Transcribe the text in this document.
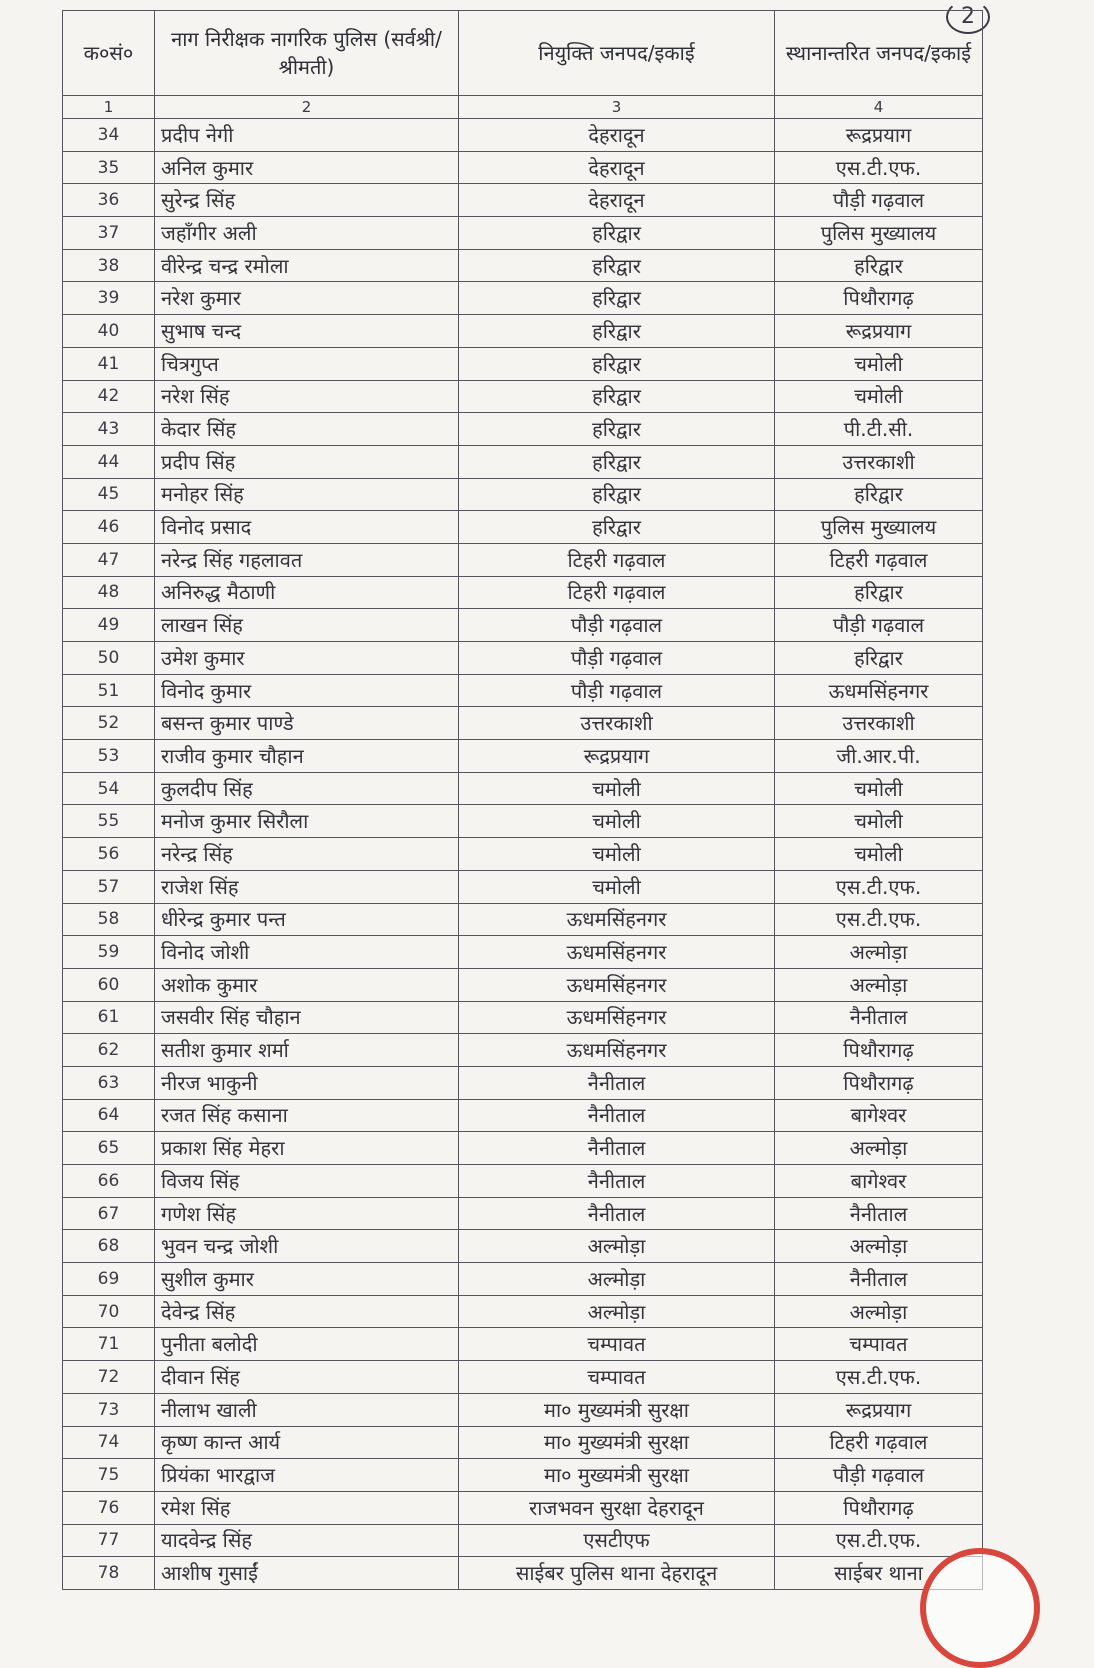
2
क०सं०	नाग निरीक्षक नागरिक पुलिस (सर्वश्री/श्रीमती)	नियुक्ति जनपद/इकाई	स्थानान्तरित जनपद/इकाई
1	2	3	4
34	प्रदीप नेगी	देहरादून	रूद्रप्रयाग
35	अनिल कुमार	देहरादून	एस.टी.एफ.
36	सुरेन्द्र सिंह	देहरादून	पौड़ी गढ़वाल
37	जहाँगीर अली	हरिद्वार	पुलिस मुख्यालय
38	वीरेन्द्र चन्द्र रमोला	हरिद्वार	हरिद्वार
39	नरेश कुमार	हरिद्वार	पिथौरागढ़
40	सुभाष चन्द	हरिद्वार	रूद्रप्रयाग
41	चित्रगुप्त	हरिद्वार	चमोली
42	नरेश सिंह	हरिद्वार	चमोली
43	केदार सिंह	हरिद्वार	पी.टी.सी.
44	प्रदीप सिंह	हरिद्वार	उत्तरकाशी
45	मनोहर सिंह	हरिद्वार	हरिद्वार
46	विनोद प्रसाद	हरिद्वार	पुलिस मुख्यालय
47	नरेन्द्र सिंह गहलावत	टिहरी गढ़वाल	टिहरी गढ़वाल
48	अनिरुद्ध मैठाणी	टिहरी गढ़वाल	हरिद्वार
49	लाखन सिंह	पौड़ी गढ़वाल	पौड़ी गढ़वाल
50	उमेश कुमार	पौड़ी गढ़वाल	हरिद्वार
51	विनोद कुमार	पौड़ी गढ़वाल	ऊधमसिंहनगर
52	बसन्त कुमार पाण्डे	उत्तरकाशी	उत्तरकाशी
53	राजीव कुमार चौहान	रूद्रप्रयाग	जी.आर.पी.
54	कुलदीप सिंह	चमोली	चमोली
55	मनोज कुमार सिरौला	चमोली	चमोली
56	नरेन्द्र सिंह	चमोली	चमोली
57	राजेश सिंह	चमोली	एस.टी.एफ.
58	धीरेन्द्र कुमार पन्त	ऊधमसिंहनगर	एस.टी.एफ.
59	विनोद जोशी	ऊधमसिंहनगर	अल्मोड़ा
60	अशोक कुमार	ऊधमसिंहनगर	अल्मोड़ा
61	जसवीर सिंह चौहान	ऊधमसिंहनगर	नैनीताल
62	सतीश कुमार शर्मा	ऊधमसिंहनगर	पिथौरागढ़
63	नीरज भाकुनी	नैनीताल	पिथौरागढ़
64	रजत सिंह कसाना	नैनीताल	बागेश्वर
65	प्रकाश सिंह मेहरा	नैनीताल	अल्मोड़ा
66	विजय सिंह	नैनीताल	बागेश्वर
67	गणेश सिंह	नैनीताल	नैनीताल
68	भुवन चन्द्र जोशी	अल्मोड़ा	अल्मोड़ा
69	सुशील कुमार	अल्मोड़ा	नैनीताल
70	देवेन्द्र सिंह	अल्मोड़ा	अल्मोड़ा
71	पुनीता बलोदी	चम्पावत	चम्पावत
72	दीवान सिंह	चम्पावत	एस.टी.एफ.
73	नीलाभ खाली	मा० मुख्यमंत्री सुरक्षा	रूद्रप्रयाग
74	कृष्ण कान्त आर्य	मा० मुख्यमंत्री सुरक्षा	टिहरी गढ़वाल
75	प्रियंका भारद्वाज	मा० मुख्यमंत्री सुरक्षा	पौड़ी गढ़वाल
76	रमेश सिंह	राजभवन सुरक्षा देहरादून	पिथौरागढ़
77	यादवेन्द्र सिंह	एसटीएफ	एस.टी.एफ.
78	आशीष गुसाईं	साईबर पुलिस थाना देहरादून	साईबर थाना
